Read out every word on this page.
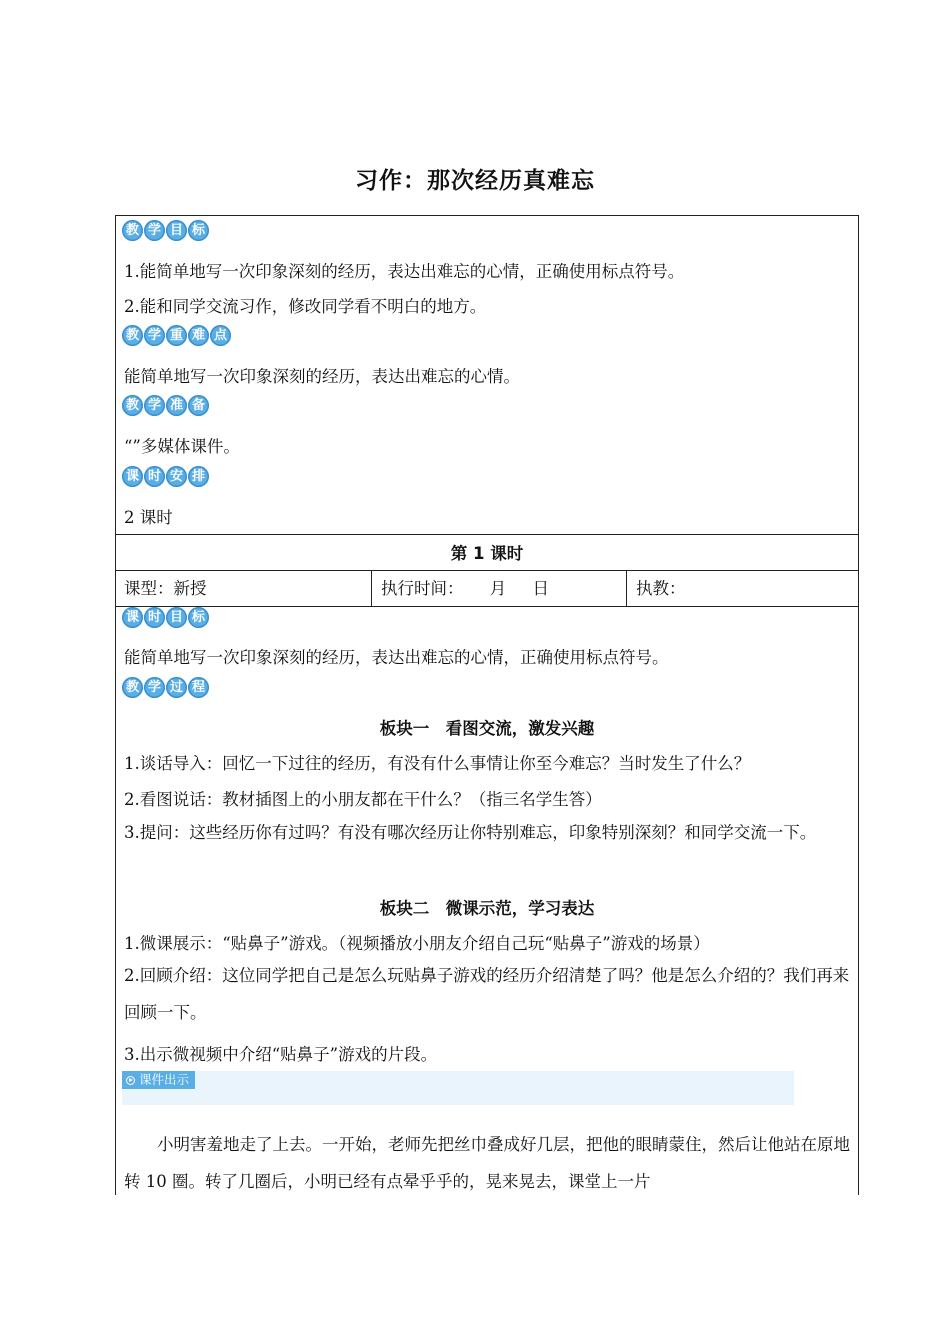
习作：那次经历真难忘
教 学 目 标
1.能简单地写一次印象深刻的经历，表达出难忘的心情，正确使用标点符号。
2.能和同学交流习作，修改同学看不明白的地方。
教 学 重 难 点
能简单地写一次印象深刻的经历，表达出难忘的心情。
教 学 准 备
“”多媒体课件。
课 时 安 排
2 课时
第 1 课时
课型：新授	执行时间：     月     日	执教：
课 时 目 标
能简单地写一次印象深刻的经历，表达出难忘的心情，正确使用标点符号。
教 学 过 程
板块一　看图交流，激发兴趣
1.谈话导入：回忆一下过往的经历，有没有什么事情让你至今难忘？当时发生了什么？
2.看图说话：教材插图上的小朋友都在干什么？（指三名学生答）
3.提问：这些经历你有过吗？有没有哪次经历让你特别难忘，印象特别深刻？和同学交流一下。
板块二　微课示范，学习表达
1.微课展示：“贴鼻子”游戏。（视频播放小朋友介绍自己玩“贴鼻子”游戏的场景）
2.回顾介绍：这位同学把自己是怎么玩贴鼻子游戏的经历介绍清楚了吗？他是怎么介绍的？我们再来回顾一下。
3.出示微视频中介绍“贴鼻子”游戏的片段。
课件出示
小明害羞地走了上去。一开始，老师先把丝巾叠成好几层，把他的眼睛蒙住，然后让他站在原地转 10 圈。转了几圈后，小明已经有点晕乎乎的，晃来晃去，课堂上一片
